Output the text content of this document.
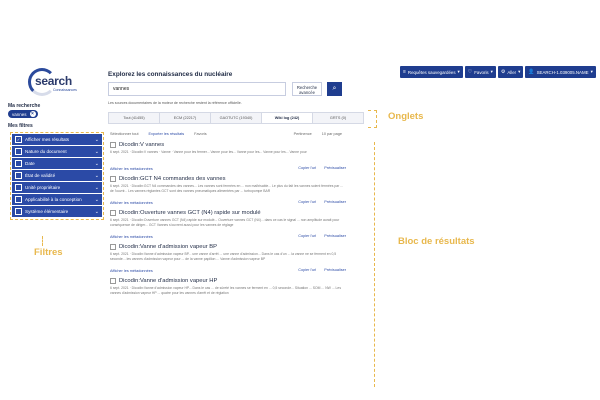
≡ Requêtes sauvegardées ▾ ♡ Favoris ▾ ⚙ Aller ▾ 👤 SEARCH-1.039005.NAME ▾
search
Connaissances
Ma recherche
vannes ×
Mes filtres
✓	Afficher mes résultats	⌄
Nature du document	⌄
Date	⌄
État de validité	⌄
Unité propriétaire	⌄
Applicabilité à la conception	⌄
Système élémentaire	⌄
Filtres
Explorez les connaissances du nucléaire
vannes	Recherche avancée
⌕
Les sources documentaires de la moteur de recherche restent la référence officielle.
Tout (41455)	ECM (22217)	GAOTUTC (19340)	Wiki log (242)	GRTS (0)	Onglets
Sélectionner tout	Exporter les résultats	Favoris	Pertinence	10 par page
Bloc de résultats
Dicodin:V vannes
6 sept. 2021 · Dicodin:V vannes · Vanne · Vanne pour les fermer... Vanne pour les... Vanne pour les... Vanne pour les... Vanne pour
Afficher les métadonnées	Copier l'url Prévisualiser
Dicodin:GCT N4 commandes des vannes
6 sept. 2021 · Dicodin:GCT N4 commandes des vannes... Les vannes sont fermées en ... non maîtrisable... Le plus du fait les vannes soient fermées par ... de l'ouvrir... Les vannes réglantes GCT sont des vannes pneumatiques alimentées par ... turbopompe BAR
Afficher les métadonnées	Copier l'url Prévisualiser
Dicodin:Ouverture vannes GCT (N4) rapide sur modulé
6 sept. 2021 · Dicodin:Ouverture vannes GCT (N4) rapide sur modulé... Ouverture vannes GCT (N4)... dans ce cas le signal ... non amplitude aurait pour conséquence de diriger... GCT Vannes s'ouvrent aussi pour les vannes de réglage
Afficher les métadonnées	Copier l'url Prévisualiser
Dicodin:Vanne d'admission vapeur BP
6 sept. 2021 · Dicodin:Vanne d'admission vapeur BP... une vanne d'arrêt ... une vanne d'admission... Dans le cas d'un ... la vanne ne se ferment en 0,5 seconde... les vannes d'admission vapeur pour ... de la vanne papillon ... Vanne d'admission vapeur BP
Afficher les métadonnées	Copier l'url Prévisualiser
Dicodin:Vanne d'admission vapeur HP
6 sept. 2021 · Dicodin:Vanne d'admission vapeur HP... Dans le cas ... de sûreté les vannes se ferment en ... 0,5 seconde... Situation ... SOM ... NW ... Les vannes d'admission vapeur HP ... quatre pour les vannes d'arrêt et de réglation
